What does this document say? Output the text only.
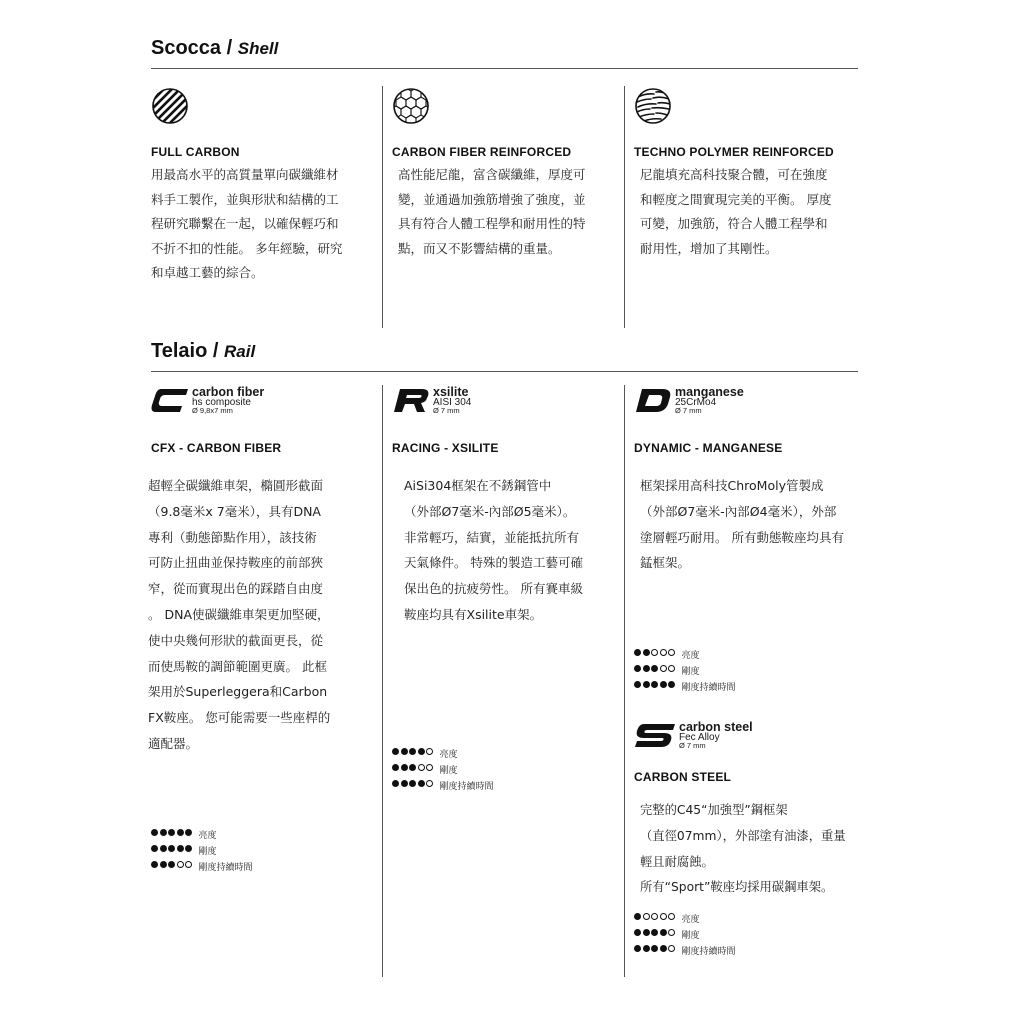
Scocca / Shell
FULL CARBON
用最高水平的高質量單向碳纖維材
料手工製作，並與形狀和結構的工
程研究聯繫在一起，以確保輕巧和
不折不扣的性能。 多年經驗，研究
和卓越工藝的綜合。
CARBON FIBER REINFORCED
高性能尼龍，富含碳纖維，厚度可
變，並通過加強筋增強了強度，並
具有符合人體工程學和耐用性的特
點，而又不影響結構的重量。
TECHNO POLYMER REINFORCED
尼龍填充高科技聚合體，可在強度
和輕度之間實現完美的平衡。 厚度
可變，加強筋，符合人體工程學和
耐用性，增加了其剛性。
Telaio / Rail
carbon fiber
hs composite
Ø 9,8x7 mm
CFX - CARBON FIBER
超輕全碳纖維車架，橢圓形截面
（9.8毫米x 7毫米），具有DNA
專利（動態節點作用），該技術
可防止扭曲並保持鞍座的前部狹
窄，從而實現出色的踩踏自由度
。 DNA使碳纖維車架更加堅硬，
使中央幾何形狀的截面更長，從
而使馬鞍的調節範圍更廣。 此框
架用於Superleggera和Carbon
FX鞍座。 您可能需要一些座桿的
適配器。
亮度
剛度
剛度持續時間
xsilite
AISI 304
Ø 7 mm
RACING - XSILITE
AiSi304框架在不銹鋼管中
（外部Ø7毫米-內部Ø5毫米）。
非常輕巧，結實，並能抵抗所有
天氣條件。 特殊的製造工藝可確
保出色的抗疲勞性。 所有賽車級
鞍座均具有Xsilite車架。
亮度
剛度
剛度持續時間
manganese
25CrMo4
Ø 7 mm
DYNAMIC - MANGANESE
框架採用高科技ChroMoly管製成
（外部Ø7毫米-內部Ø4毫米），外部
塗層輕巧耐用。 所有動態鞍座均具有
錳框架。
亮度
剛度
剛度持續時間
carbon steel
Fec Alloy
Ø 7 mm
CARBON STEEL
完整的C45“加強型”鋼框架
（直徑07mm），外部塗有油漆，重量
輕且耐腐蝕。
所有“Sport”鞍座均採用碳鋼車架。
亮度
剛度
剛度持續時間
